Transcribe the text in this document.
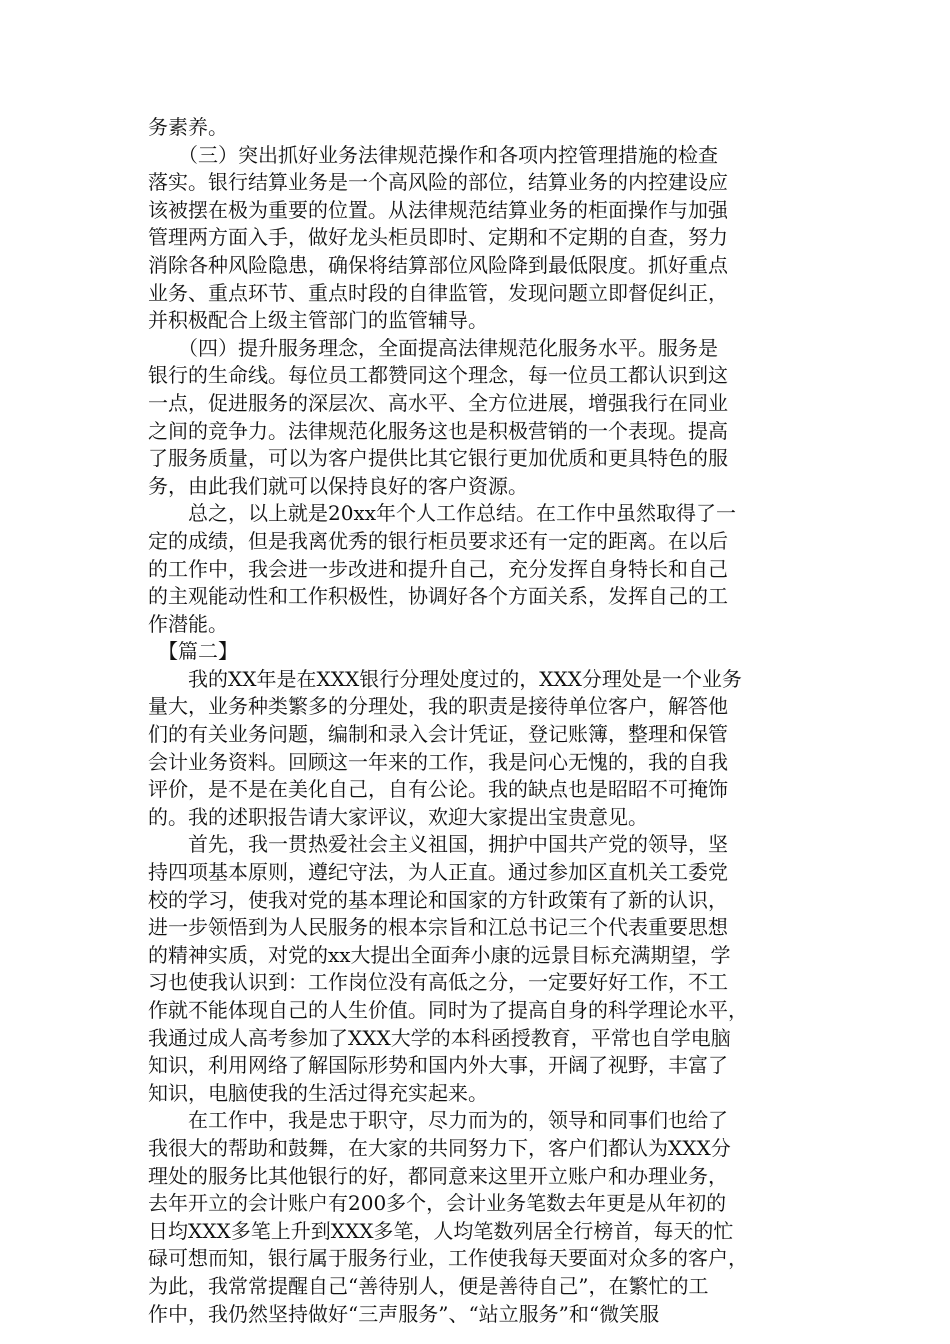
务素养。
　　（三）突出抓好业务法律规范操作和各项内控管理措施的检查
落实。银行结算业务是一个高风险的部位，结算业务的内控建设应
该被摆在极为重要的位置。从法律规范结算业务的柜面操作与加强
管理两方面入手，做好龙头柜员即时、定期和不定期的自查，努力
消除各种风险隐患，确保将结算部位风险降到最低限度。抓好重点
业务、重点环节、重点时段的自律监管，发现问题立即督促纠正，
并积极配合上级主管部门的监管辅导。
　　（四）提升服务理念，全面提高法律规范化服务水平。服务是
银行的生命线。每位员工都赞同这个理念，每一位员工都认识到这
一点，促进服务的深层次、高水平、全方位进展，增强我行在同业
之间的竞争力。法律规范化服务这也是积极营销的一个表现。提高
了服务质量，可以为客户提供比其它银行更加优质和更具特色的服
务，由此我们就可以保持良好的客户资源。
　　总之，以上就是20xx年个人工作总结。在工作中虽然取得了一
定的成绩，但是我离优秀的银行柜员要求还有一定的距离。在以后
的工作中，我会进一步改进和提升自己，充分发挥自身特长和自己
的主观能动性和工作积极性，协调好各个方面关系，发挥自己的工
作潜能。
　【篇二】
　　我的XX年是在XXX银行分理处度过的，XXX分理处是一个业务
量大，业务种类繁多的分理处，我的职责是接待单位客户，解答他
们的有关业务问题，编制和录入会计凭证，登记账簿，整理和保管
会计业务资料。回顾这一年来的工作，我是问心无愧的，我的自我
评价，是不是在美化自己，自有公论。我的缺点也是昭昭不可掩饰
的。我的述职报告请大家评议，欢迎大家提出宝贵意见。
　　首先，我一贯热爱社会主义祖国，拥护中国共产党的领导，坚
持四项基本原则，遵纪守法，为人正直。通过参加区直机关工委党
校的学习，使我对党的基本理论和国家的方针政策有了新的认识，
进一步领悟到为人民服务的根本宗旨和江总书记三个代表重要思想
的精神实质，对党的xx大提出全面奔小康的远景目标充满期望，学
习也使我认识到：工作岗位没有高低之分，一定要好好工作，不工
作就不能体现自己的人生价值。同时为了提高自身的科学理论水平，
我通过成人高考参加了XXX大学的本科函授教育，平常也自学电脑
知识，利用网络了解国际形势和国内外大事，开阔了视野，丰富了
知识，电脑使我的生活过得充实起来。
　　在工作中，我是忠于职守，尽力而为的，领导和同事们也给了
我很大的帮助和鼓舞，在大家的共同努力下，客户们都认为XXX分
理处的服务比其他银行的好，都同意来这里开立账户和办理业务，
去年开立的会计账户有200多个，会计业务笔数去年更是从年初的
日均XXX多笔上升到XXX多笔，人均笔数列居全行榜首，每天的忙
碌可想而知，银行属于服务行业，工作使我每天要面对众多的客户，
为此，我常常提醒自己“善待别人，便是善待自己”，在繁忙的工
作中，我仍然坚持做好“三声服务”、“站立服务”和“微笑服
